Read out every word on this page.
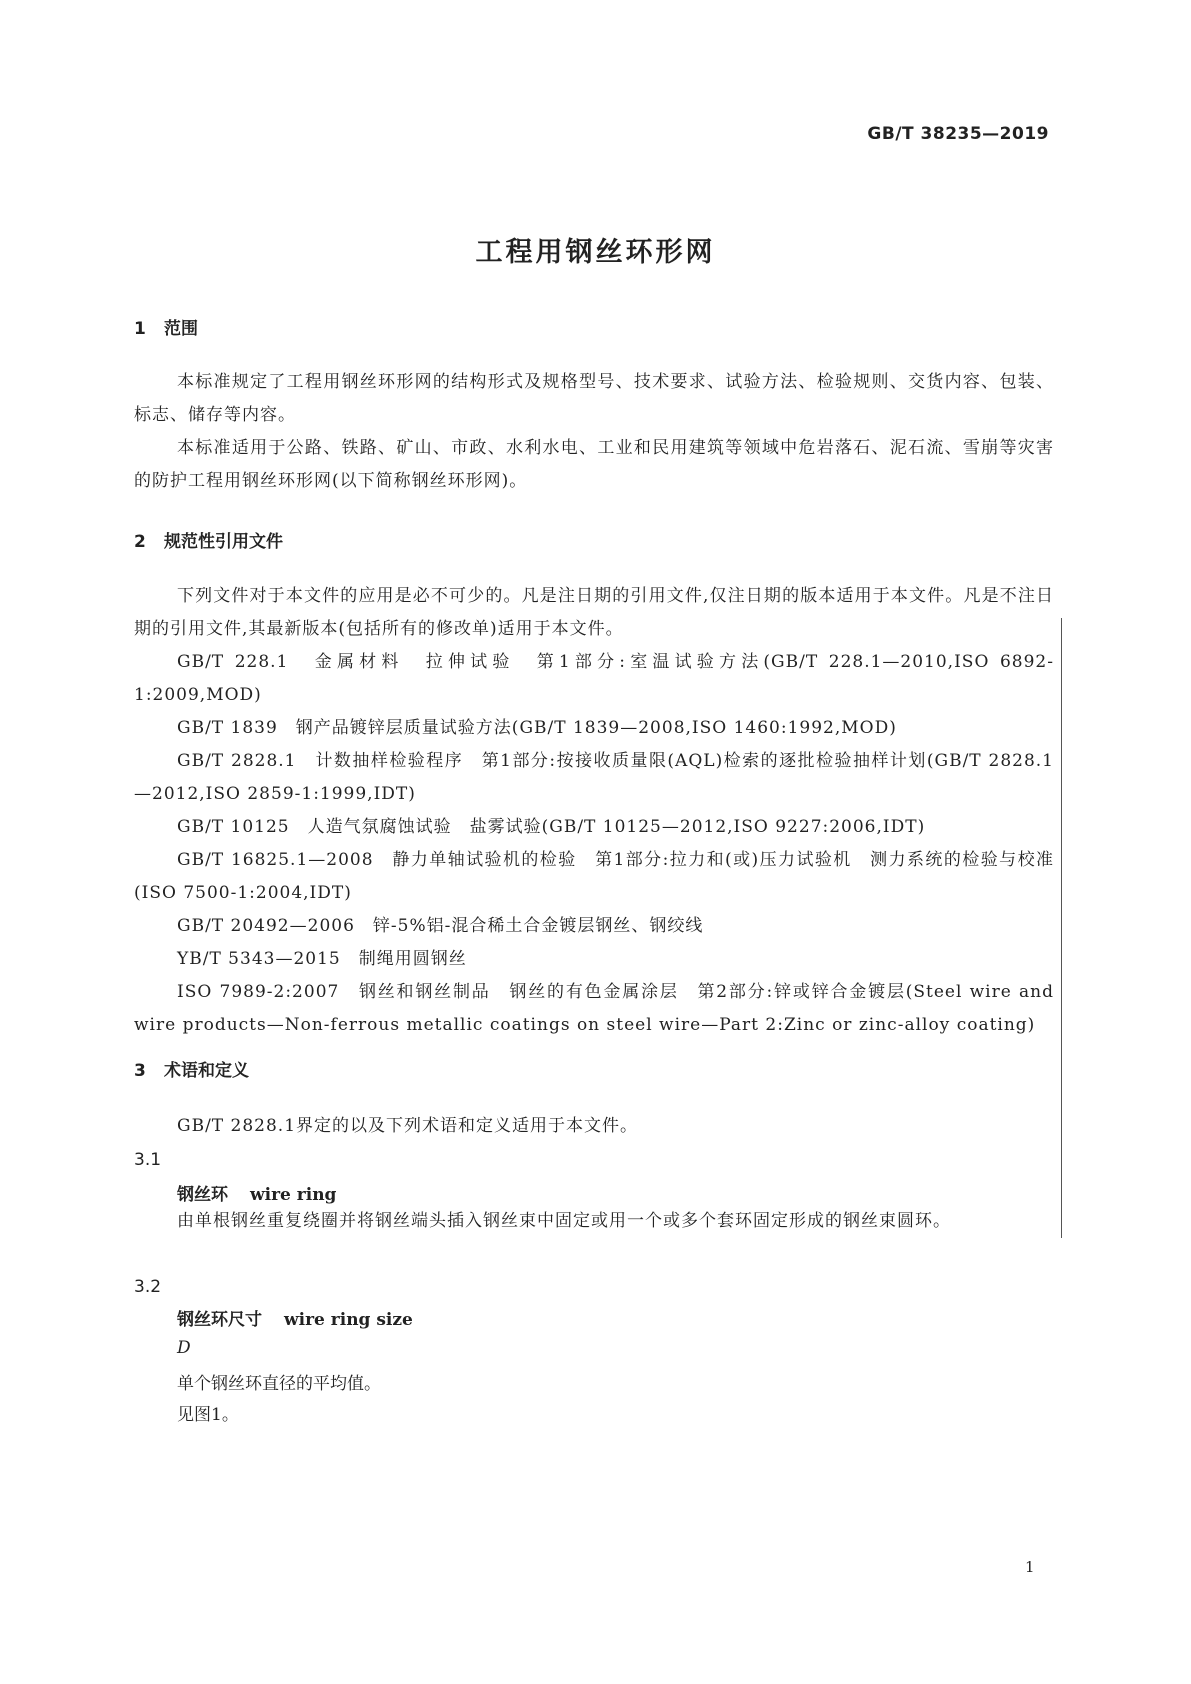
GB/T 38235—2019
工程用钢丝环形网
1 范围

本标准规定了工程用钢丝环形网的结构形式及规格型号、技术要求、试验方法、检验规则、交货内容、包装、标志、储存等内容。

本标准适用于公路、铁路、矿山、市政、水利水电、工业和民用建筑等领域中危岩落石、泥石流、雪崩等灾害的防护工程用钢丝环形网(以下简称钢丝环形网)。

2 规范性引用文件

下列文件对于本文件的应用是必不可少的。凡是注日期的引用文件,仅注日期的版本适用于本文件。凡是不注日期的引用文件,其最新版本(包括所有的修改单)适用于本文件。

GB/T 228.1　金属材料　拉伸试验　第1部分:室温试验方法(GB/T 228.1—2010,ISO 6892-1:2009,MOD)

GB/T 1839　钢产品镀锌层质量试验方法(GB/T 1839—2008,ISO 1460:1992,MOD)

GB/T 2828.1　计数抽样检验程序　第1部分:按接收质量限(AQL)检索的逐批检验抽样计划(GB/T 2828.1—2012,ISO 2859-1:1999,IDT)

GB/T 10125　人造气氛腐蚀试验　盐雾试验(GB/T 10125—2012,ISO 9227:2006,IDT)

GB/T 16825.1—2008　静力单轴试验机的检验　第1部分:拉力和(或)压力试验机　测力系统的检验与校准(ISO 7500-1:2004,IDT)

GB/T 20492—2006　锌-5%铝-混合稀土合金镀层钢丝、钢绞线

YB/T 5343—2015　制绳用圆钢丝

ISO 7989-2:2007　钢丝和钢丝制品　钢丝的有色金属涂层　第2部分:锌或锌合金镀层(Steel wire and wire products—Non-ferrous metallic coatings on steel wire—Part 2:Zinc or zinc-alloy coating)

3 术语和定义

GB/T 2828.1界定的以及下列术语和定义适用于本文件。

3.1
钢丝环 wire ring

由单根钢丝重复绕圈并将钢丝端头插入钢丝束中固定或用一个或多个套环固定形成的钢丝束圆环。

3.2
钢丝环尺寸 wire ring size
D
单个钢丝环直径的平均值。
见图1。
1
